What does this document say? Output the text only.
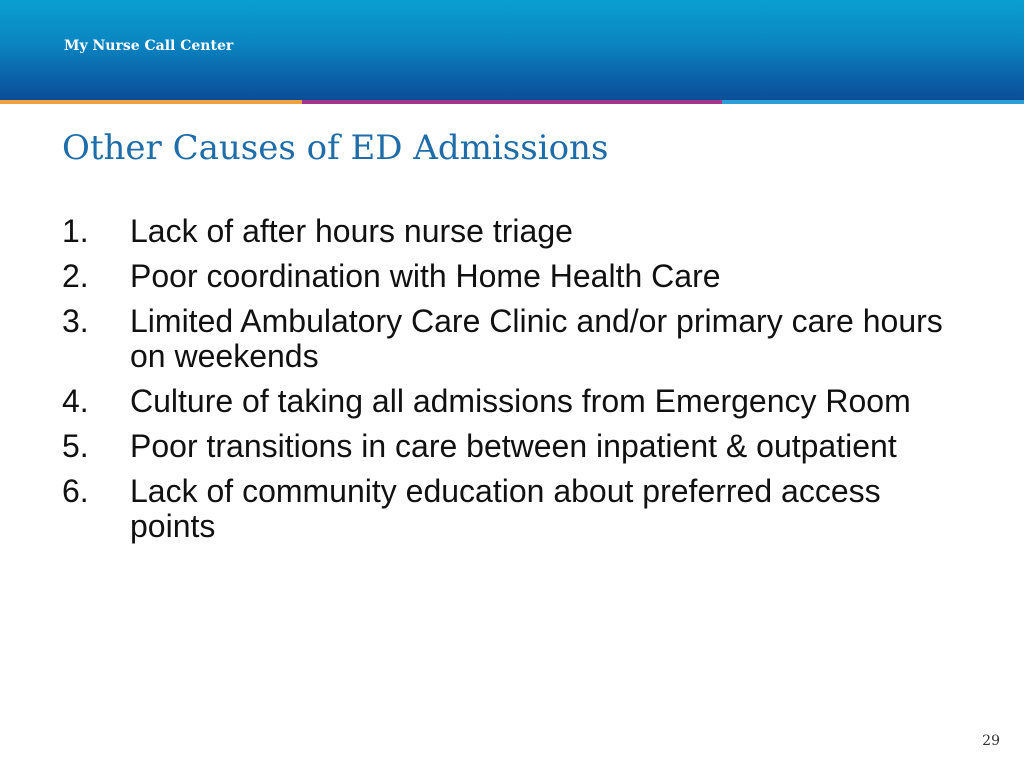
My Nurse Call Center
Other Causes of ED Admissions
1.	Lack of after hours nurse triage
2.	Poor coordination with Home Health Care
3.	Limited Ambulatory Care Clinic and/or primary care hours on weekends
4.	Culture of taking all admissions from Emergency Room
5.	Poor transitions in care between inpatient & outpatient
6.	Lack of community education about preferred access points
29
